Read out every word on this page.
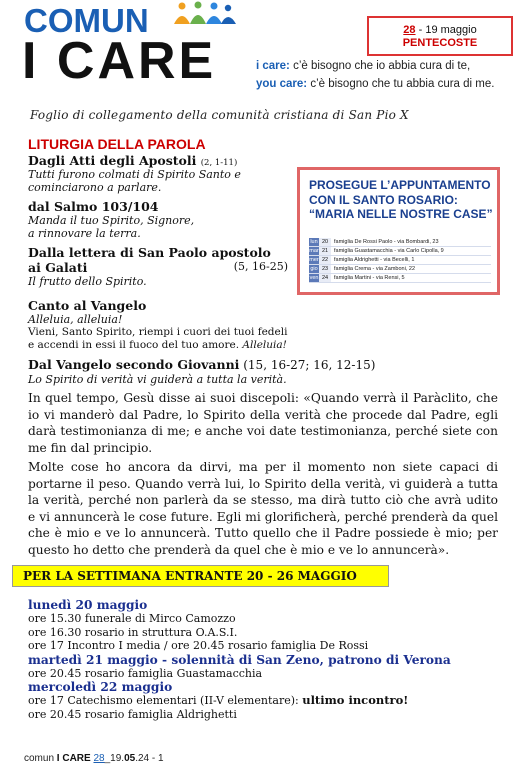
COMUN
I CARE
28 - 19 maggio
PENTECOSTE
i care: c’è bisogno che io abbia cura di te,
you care: c’è bisogno che tu abbia cura di me.
Foglio di collegamento della comunità cristiana di San Pio X
LITURGIA DELLA PAROLA
Dagli Atti degli Apostoli (2, 1-11)
Tutti furono colmati di Spirito Santo e
cominciarono a parlare.
dal Salmo 103/104
Manda il tuo Spirito, Signore,
a rinnovare la terra.
Dalla lettera di San Paolo apostolo
ai Galati	(5, 16-25)
Il frutto dello Spirito.
Canto al Vangelo
Alleluia, alleluia!
Vieni, Santo Spirito, riempi i cuori dei tuoi fedeli
e accendi in essi il fuoco del tuo amore. Alleluia!
Dal Vangelo secondo Giovanni (15, 16-27; 16, 12-15)
Lo Spirito di verità vi guiderà a tutta la verità.
PROSEGUE L’APPUNTAMENTO
CON IL SANTO ROSARIO:
“MARIA NELLE NOSTRE CASE”
lun 20	famiglia De Rossi Paolo - via Bombardi, 23
mar 21	famiglia Guastamacchia - via Carlo Cipolla, 9
mer 22	famiglia Aldrighetti - via Becelli, 1
gio 23	famiglia Crema - via Zamboni, 22
ven 24	famiglia Martini - via Rensi, 5
In quel tempo, Gesù disse ai suoi discepoli: «Quando verrà il Paràclito, che io vi manderò dal Padre, lo Spirito della verità che procede dal Padre, egli darà testimonianza di me; e anche voi date testimonianza, perché siete con me fin dal principio.
Molte cose ho ancora da dirvi, ma per il momento non siete capaci di portarne il peso. Quando verrà lui, lo Spirito della verità, vi guiderà a tutta la verità, perché non parlerà da se stesso, ma dirà tutto ciò che avrà udito e vi annuncerà le cose future. Egli mi glorificherà, perché prenderà da quel che è mio e ve lo annuncerà. Tutto quello che il Padre possiede è mio; per questo ho detto che prenderà da quel che è mio e ve lo annuncerà».
PER LA SETTIMANA ENTRANTE 20 - 26 MAGGIO
lunedì 20 maggio
ore 15.30 funerale di Mirco Camozzo
ore 16.30 rosario in struttura O.A.S.I.
ore 17 Incontro I media / ore 20.45 rosario famiglia De Rossi
martedì 21 maggio - solennità di San Zeno, patrono di Verona
ore 20.45 rosario famiglia Guastamacchia
mercoledì 22 maggio
ore 17 Catechismo elementari (II-V elementare): ultimo incontro!
ore 20.45 rosario famiglia Aldrighetti
comun I CARE 28_19.05.24 - 1
